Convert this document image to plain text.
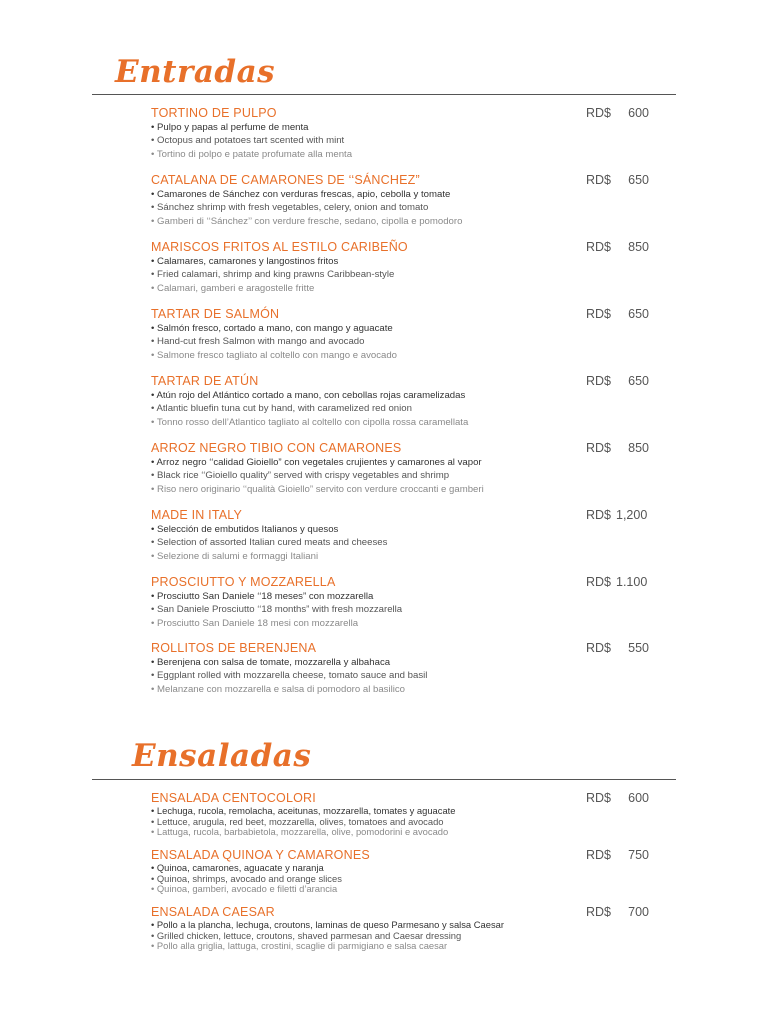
Entradas
TORTINO DE PULPO
• Pulpo y papas al perfume de menta
• Octopus and potatoes tart scented with mint
• Tortino di polpo e patate profumate alla menta
RD$ 600
CATALANA DE CAMARONES DE ‘‘SÁNCHEZ”
• Camarones de Sánchez con verduras frescas, apio, cebolla y tomate
• Sánchez shrimp with fresh vegetables, celery, onion and tomato
• Gamberi di ‘‘Sánchez’’ con verdure fresche, sedano, cipolla e pomodoro
RD$ 650
MARISCOS FRITOS AL ESTILO CARIBEÑO
• Calamares, camarones y langostinos fritos
• Fried calamari, shrimp and king prawns Caribbean-style
• Calamari, gamberi e aragostelle fritte
RD$ 850
TARTAR DE SALMÓN
• Salmón fresco, cortado a mano, con mango y aguacate
• Hand-cut fresh Salmon with mango and avocado
• Salmone fresco tagliato al coltello con mango e avocado
RD$ 650
TARTAR DE ATÚN
• Atún rojo del Atlántico cortado a mano, con cebollas rojas caramelizadas
• Atlantic bluefin tuna cut by hand, with caramelized red onion
• Tonno rosso dell’Atlantico tagliato al coltello con cipolla rossa caramellata
RD$ 650
ARROZ NEGRO TIBIO CON CAMARONES
• Arroz negro ‘‘calidad Gioiello” con vegetales crujientes y camarones al vapor
• Black rice ‘‘Gioiello quality” served with crispy vegetables and shrimp
• Riso nero originario ‘‘qualità Gioiello” servito con verdure croccanti e gamberi
RD$ 850
MADE IN ITALY
• Selección de embutidos Italianos y quesos
• Selection of assorted Italian cured meats and cheeses
• Selezione di salumi e formaggi Italiani
RD$ 1,200
PROSCIUTTO Y MOZZARELLA
• Prosciutto San Daniele ‘‘18 meses” con mozzarella
• San Daniele Prosciutto ‘‘18 months” with fresh mozzarella
• Prosciutto San Daniele 18 mesi con mozzarella
RD$ 1.100
ROLLITOS DE BERENJENA
• Berenjena con salsa de tomate, mozzarella y albahaca
• Eggplant rolled with mozzarella cheese, tomato sauce and basil
• Melanzane con mozzarella e salsa di pomodoro al basilico
RD$ 550
Ensaladas
ENSALADA CENTOCOLORI
• Lechuga, rucola, remolacha, aceitunas, mozzarella, tomates y aguacate
• Lettuce, arugula, red beet, mozzarella, olives, tomatoes and avocado
• Lattuga, rucola, barbabietola, mozzarella, olive, pomodorini e avocado
RD$ 600
ENSALADA QUINOA Y CAMARONES
• Quinoa, camarones, aguacate y naranja
• Quinoa, shrimps, avocado and orange slices
• Quinoa, gamberi, avocado e filetti d’arancia
RD$ 750
ENSALADA CAESAR
• Pollo a la plancha, lechuga, croutons, laminas de queso Parmesano y salsa Caesar
• Grilled chicken, lettuce, croutons, shaved parmesan and Caesar dressing
• Pollo alla griglia, lattuga, crostini, scaglie di parmigiano e salsa caesar
RD$ 700
